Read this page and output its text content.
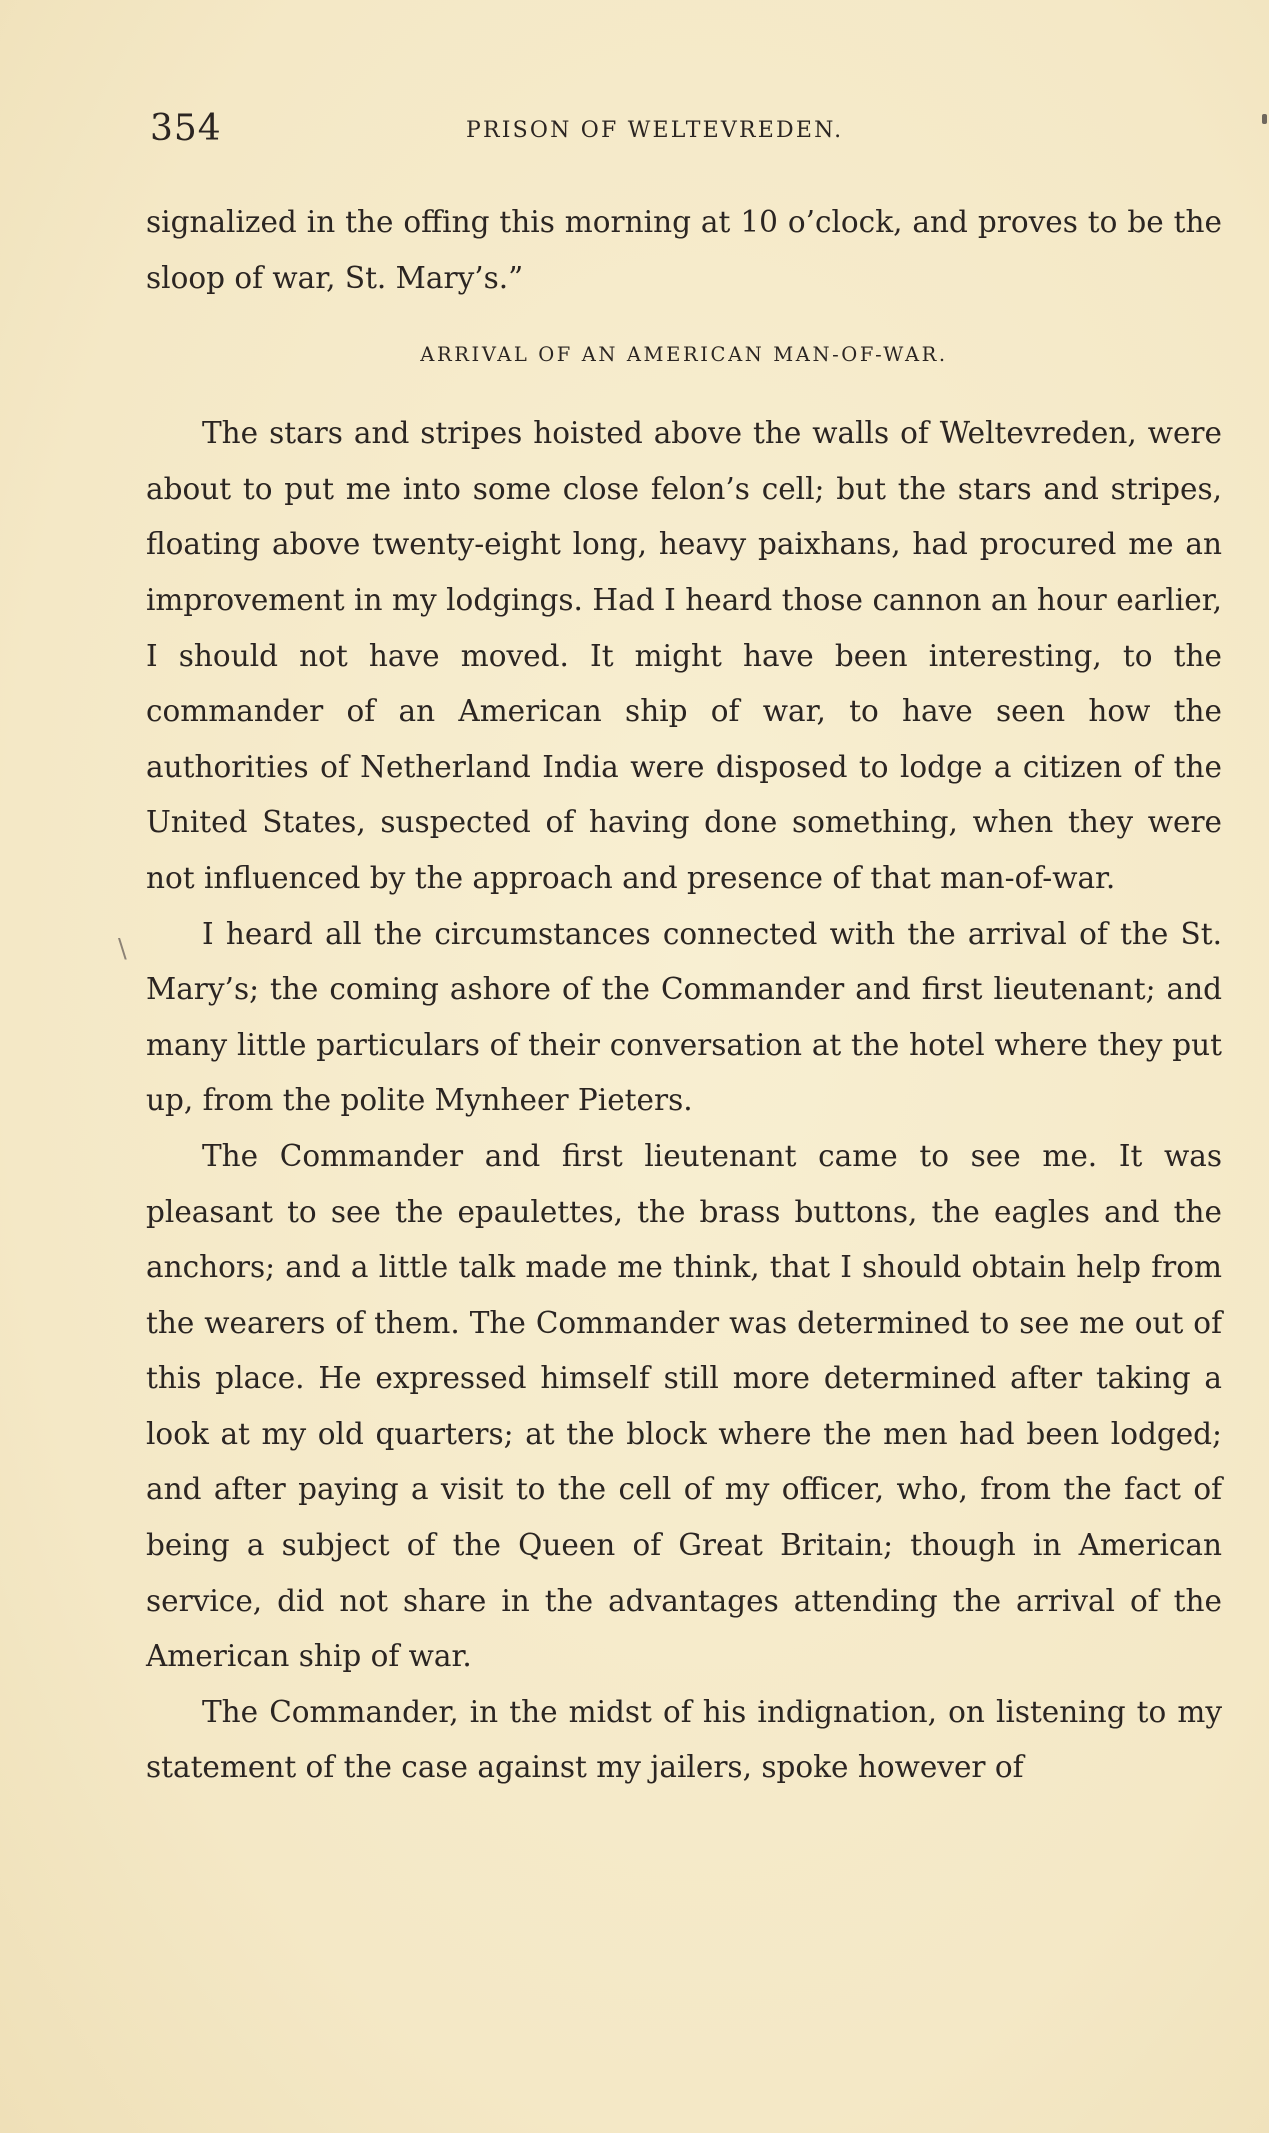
354	PRISON OF WELTEVREDEN.
\

signalized in the offing this morning at 10 o’clock, and proves to be the sloop of war, St. Mary’s.”

ARRIVAL OF AN AMERICAN MAN-OF-WAR.

The stars and stripes hoisted above the walls of Weltevreden, were about to put me into some close felon’s cell; but the stars and stripes, floating above twenty-eight long, heavy paixhans, had procured me an improvement in my lodgings. Had I heard those cannon an hour earlier, I should not have moved. It might have been interesting, to the commander of an American ship of war, to have seen how the authorities of Netherland India were disposed to lodge a citizen of the United States, suspected of having done something, when they were not influenced by the approach and presence of that man-of-war.

I heard all the circumstances connected with the arrival of the St. Mary’s; the coming ashore of the Commander and first lieutenant; and many little particulars of their conversation at the hotel where they put up, from the polite Mynheer Pieters.

The Commander and first lieutenant came to see me. It was pleasant to see the epaulettes, the brass buttons, the eagles and the anchors; and a little talk made me think, that I should obtain help from the wearers of them. The Commander was determined to see me out of this place. He expressed himself still more determined after taking a look at my old quarters; at the block where the men had been lodged; and after paying a visit to the cell of my officer, who, from the fact of being a subject of the Queen of Great Britain; though in American service, did not share in the advantages attending the arrival of the American ship of war.

The Commander, in the midst of his indignation, on listening to my statement of the case against my jailers, spoke however of
